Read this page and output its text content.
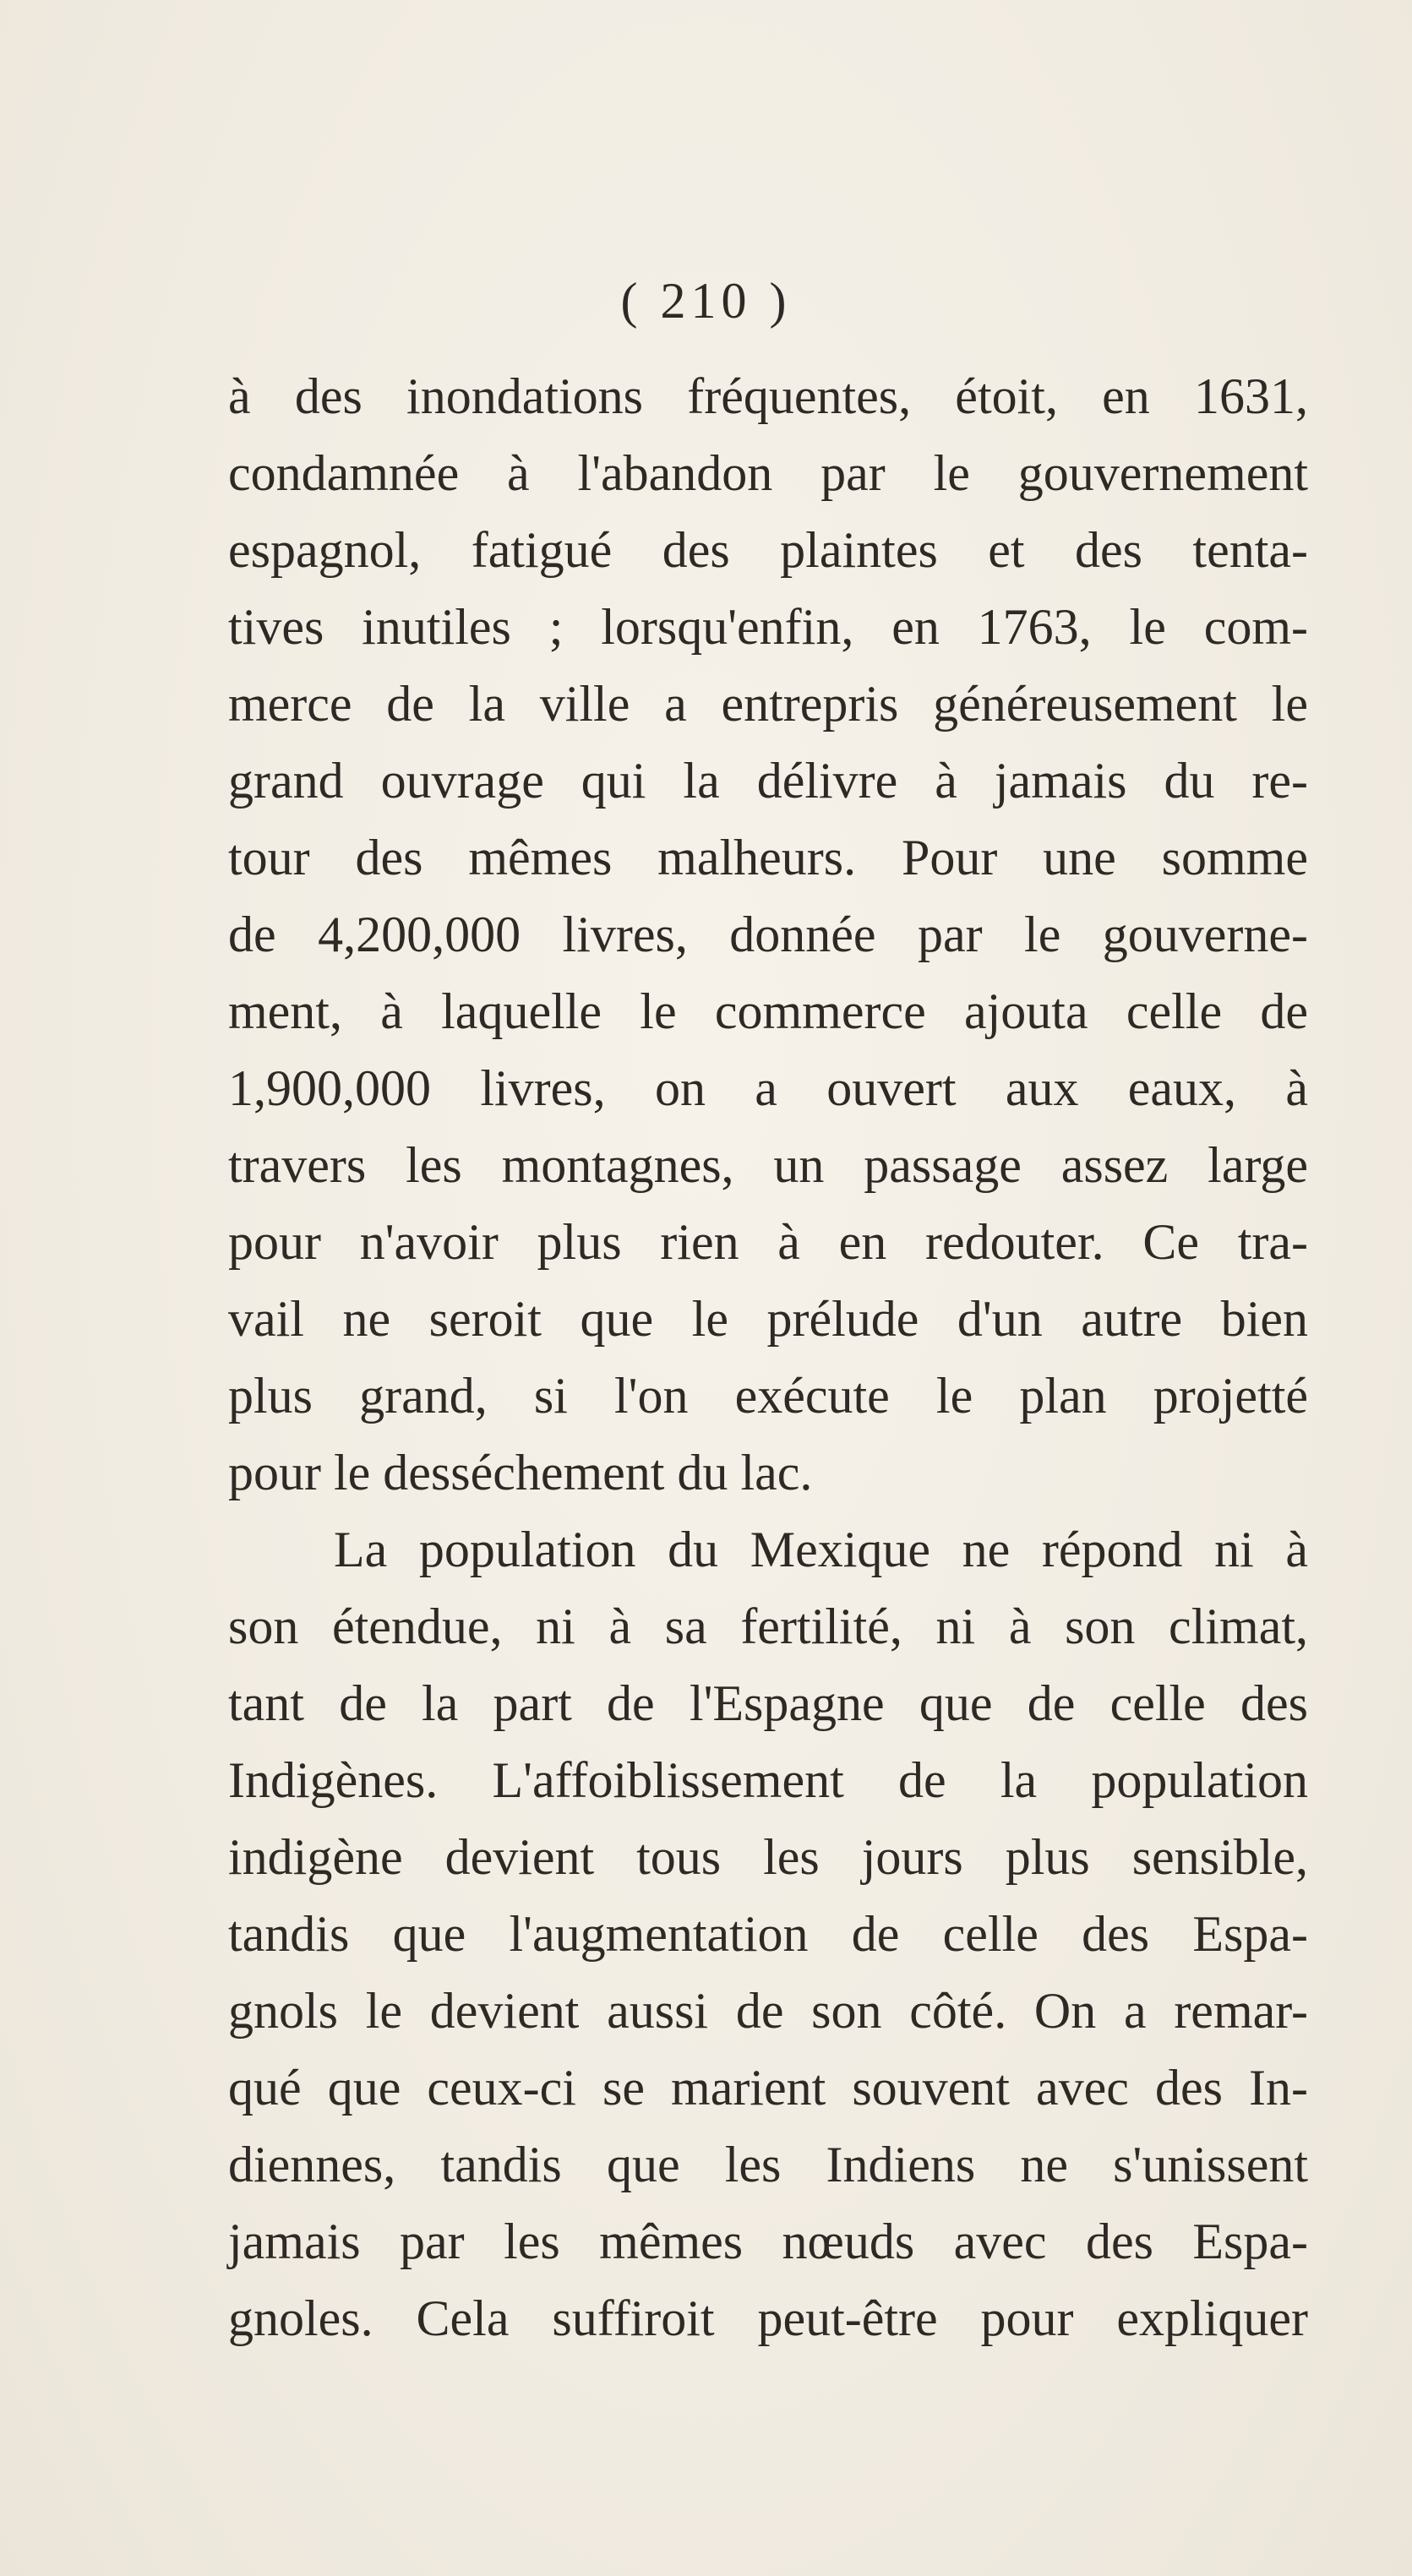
( 210 )
à des inondations fréquentes, étoit, en 1631,
condamnée à l'abandon par le gouvernement
espagnol, fatigué des plaintes et des tenta-
tives inutiles ; lorsqu'enfin, en 1763, le com-
merce de la ville a entrepris généreusement le
grand ouvrage qui la délivre à jamais du re-
tour des mêmes malheurs. Pour une somme
de 4,200,000 livres, donnée par le gouverne-
ment, à laquelle le commerce ajouta celle de
1,900,000 livres, on a ouvert aux eaux, à
travers les montagnes, un passage assez large
pour n'avoir plus rien à en redouter. Ce tra-
vail ne seroit que le prélude d'un autre bien
plus grand, si l'on exécute le plan projetté
pour le desséchement du lac.
La population du Mexique ne répond ni à
son étendue, ni à sa fertilité, ni à son climat,
tant de la part de l'Espagne que de celle des
Indigènes. L'affoiblissement de la population
indigène devient tous les jours plus sensible,
tandis que l'augmentation de celle des Espa-
gnols le devient aussi de son côté. On a remar-
qué que ceux-ci se marient souvent avec des In-
diennes, tandis que les Indiens ne s'unissent
jamais par les mêmes nœuds avec des Espa-
gnoles. Cela suffiroit peut-être pour expliquer
